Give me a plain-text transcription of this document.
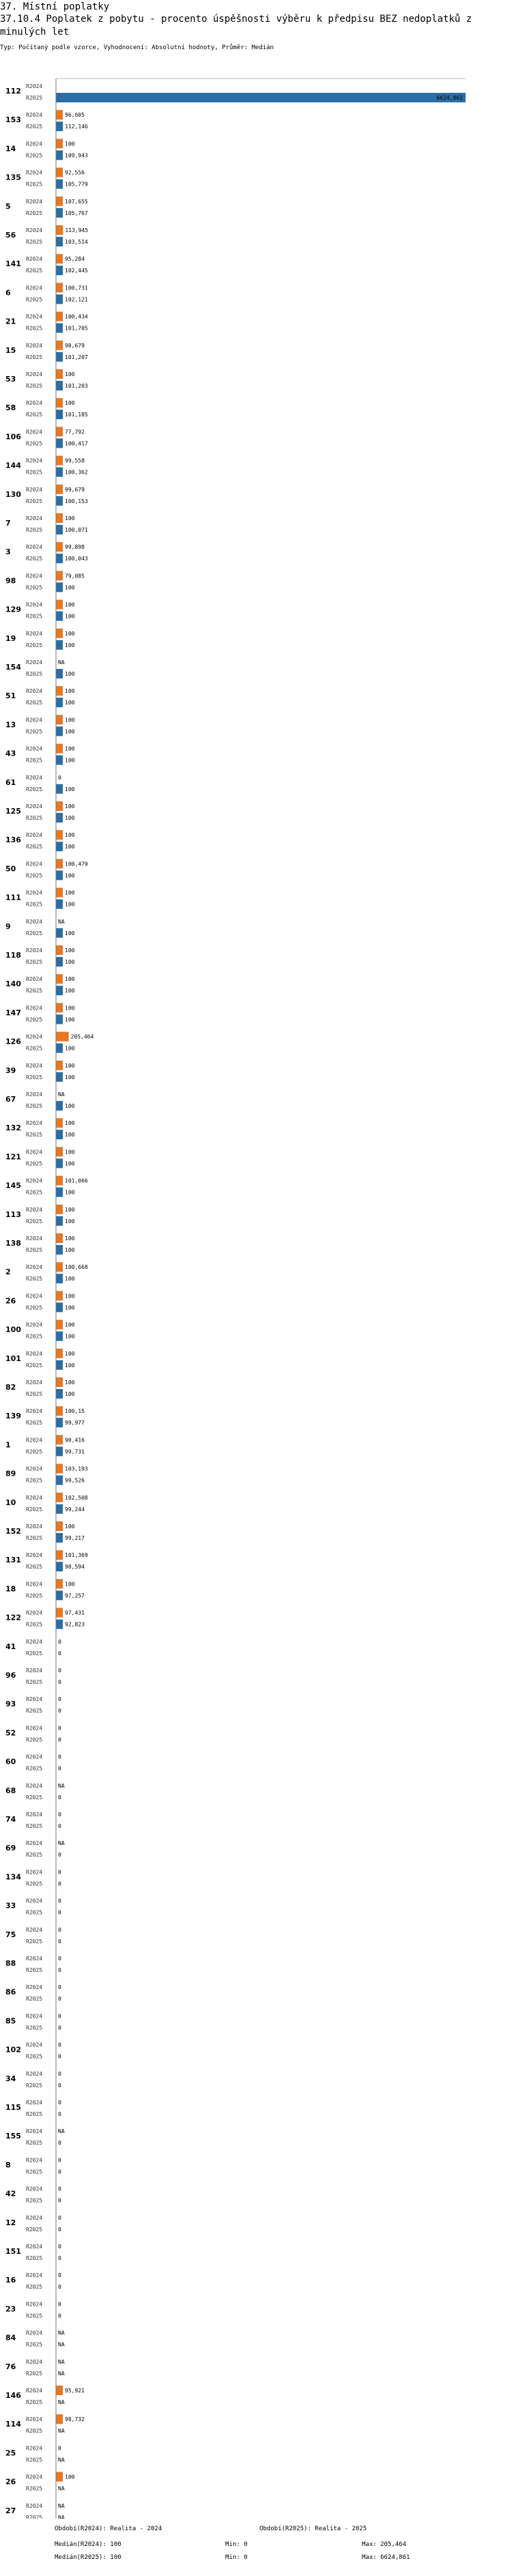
37. Místní poplatky
37.10.4 Poplatek z pobytu - procento úspěšnosti výběru k předpisu BEZ nedoplatků z minulých let
Typ: Počítaný podle vzorce, Vyhodnocení: Absolutní hodnoty, Průměr: Medián
112
R2024
R2025	6624,861
153
R2024	96,605
R2025	112,146
14
R2024	100
R2025	109,943
135
R2024	92,556
R2025	105,779
5
R2024	107,655
R2025	105,767
56
R2024	113,945
R2025	103,514
141
R2024	95,284
R2025	102,445
6
R2024	100,731
R2025	102,121
21
R2024	100,434
R2025	101,705
15
R2024	98,679
R2025	101,207
53
R2024	100
R2025	101,203
58
R2024	100
R2025	101,185
106
R2024	77,792
R2025	100,417
144
R2024	99,558
R2025	100,362
130
R2024	99,679
R2025	100,153
7
R2024	100
R2025	100,071
3
R2024	99,898
R2025	100,043
98
R2024	79,085
R2025	100
129
R2024	100
R2025	100
19
R2024	100
R2025	100
154
R2024	NA
R2025	100
51
R2024	100
R2025	100
13
R2024	100
R2025	100
43
R2024	100
R2025	100
61
R2024	0
R2025	100
125
R2024	100
R2025	100
136
R2024	100
R2025	100
50
R2024	100,479
R2025	100
111
R2024	100
R2025	100
9
R2024	NA
R2025	100
118
R2024	100
R2025	100
140
R2024	100
R2025	100
147
R2024	100
R2025	100
126
R2024	205,464
R2025	100
39
R2024	100
R2025	100
67
R2024	NA
R2025	100
132
R2024	100
R2025	100
121
R2024	100
R2025	100
145
R2024	101,066
R2025	100
113
R2024	100
R2025	100
138
R2024	100
R2025	100
2
R2024	100,668
R2025	100
26
R2024	100
R2025	100
100
R2024	100
R2025	100
101
R2024	100
R2025	100
82
R2024	100
R2025	100
139
R2024	100,15
R2025	99,977
1
R2024	90,416
R2025	99,731
89
R2024	103,193
R2025	99,526
10
R2024	102,508
R2025	99,244
152
R2024	100
R2025	99,217
131
R2024	101,369
R2025	98,594
18
R2024	100
R2025	97,257
122
R2024	97,431
R2025	92,823
41
R2024	0
R2025	0
96
R2024	0
R2025	0
93
R2024	0
R2025	0
52
R2024	0
R2025	0
60
R2024	0
R2025	0
68
R2024	NA
R2025	0
74
R2024	0
R2025	0
69
R2024	NA
R2025	0
134
R2024	0
R2025	0
33
R2024	0
R2025	0
75
R2024	0
R2025	0
88
R2024	0
R2025	0
86
R2024	0
R2025	0
85
R2024	0
R2025	0
102
R2024	0
R2025	0
34
R2024	0
R2025	0
115
R2024	0
R2025	0
155
R2024	NA
R2025	0
8
R2024	0
R2025	0
42
R2024	0
R2025	0
12
R2024	0
R2025	0
151
R2024	0
R2025	0
16
R2024	0
R2025	0
23
R2024	0
R2025	0
84
R2024	NA
R2025	NA
76
R2024	NA
R2025	NA
146
R2024	95,921
R2025	NA
114
R2024	98,732
R2025	NA
25
R2024	0
R2025	NA
26
R2024	100
R2025	NA
27
R2024	NA
R2025	NA
Období(R2024): Realita - 2024	Období(R2025): Realita - 2025
Medián(R2024): 100	Min: 0	Max: 205,464
Medián(R2025): 100	Min: 0	Max: 6624,861
